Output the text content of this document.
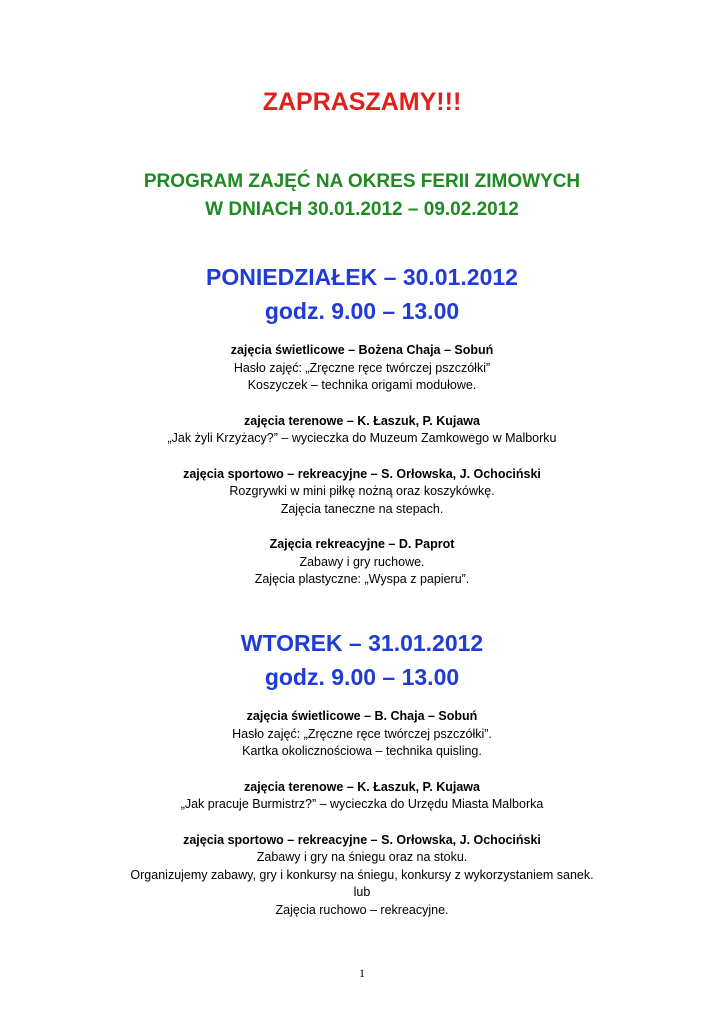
ZAPRASZAMY!!!
PROGRAM ZAJĘĆ NA OKRES FERII ZIMOWYCH
W DNIACH 30.01.2012 – 09.02.2012
PONIEDZIAŁEK – 30.01.2012
godz. 9.00 – 13.00
zajęcia świetlicowe – Bożena Chaja – Sobuń
Hasło zajęć: „Zręczne ręce twórczej pszczółki”
Koszyczek – technika origami modułowe.
zajęcia terenowe – K. Łaszuk, P. Kujawa
„Jak żyli Krzyżacy?” – wycieczka do Muzeum Zamkowego w Malborku
zajęcia sportowo – rekreacyjne – S. Orłowska, J. Ochociński
Rozgrywki w mini piłkę nożną oraz koszykówkę.
Zajęcia taneczne na stepach.
Zajęcia rekreacyjne – D. Paprot
Zabawy i gry ruchowe.
Zajęcia plastyczne: „Wyspa z papieru”.
WTOREK – 31.01.2012
godz. 9.00 – 13.00
zajęcia świetlicowe – B. Chaja – Sobuń
Hasło zajęć: „Zręczne ręce twórczej pszczółki”.
Kartka okolicznościowa – technika quisling.
zajęcia terenowe – K. Łaszuk, P. Kujawa
„Jak pracuje Burmistrz?” – wycieczka do Urzędu Miasta Malborka
zajęcia sportowo – rekreacyjne – S. Orłowska, J. Ochociński
Zabawy i gry na śniegu oraz na stoku.
Organizujemy zabawy, gry i konkursy na śniegu, konkursy z wykorzystaniem sanek.
lub
Zajęcia ruchowo – rekreacyjne.
1
